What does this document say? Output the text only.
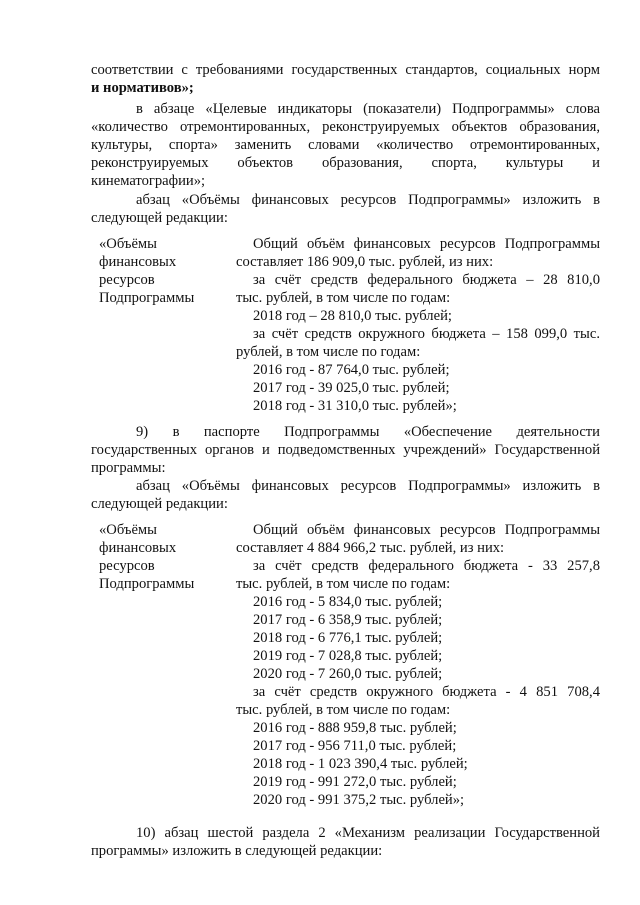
соответствии с требованиями государственных стандартов, социальных норм
и нормативов»;
в абзаце «Целевые индикаторы (показатели) Подпрограммы» слова
«количество отремонтированных, реконструируемых объектов образования,
культуры, спорта» заменить словами «количество отремонтированных,
реконструируемых объектов образования, спорта, культуры и
кинематографии»;
абзац «Объёмы финансовых ресурсов Подпрограммы» изложить в
следующей редакции:
«Объёмы
финансовых
ресурсов
Подпрограммы
Общий объём финансовых ресурсов Подпрограммы
составляет 186 909,0 тыс. рублей, из них:
за счёт средств федерального бюджета – 28 810,0
тыс. рублей, в том числе по годам:
2018 год – 28 810,0 тыс. рублей;
за счёт средств окружного бюджета – 158 099,0 тыс.
рублей, в том числе по годам:
2016 год - 87 764,0 тыс. рублей;
2017 год - 39 025,0 тыс. рублей;
2018 год - 31 310,0 тыс. рублей»;
9) в паспорте Подпрограммы «Обеспечение деятельности
государственных органов и подведомственных учреждений» Государственной
программы:
абзац «Объёмы финансовых ресурсов Подпрограммы» изложить в
следующей редакции:
«Объёмы
финансовых
ресурсов
Подпрограммы
Общий объём финансовых ресурсов Подпрограммы
составляет 4 884 966,2 тыс. рублей, из них:
за счёт средств федерального бюджета - 33 257,8
тыс. рублей, в том числе по годам:
2016 год - 5 834,0 тыс. рублей;
2017 год - 6 358,9 тыс. рублей;
2018 год - 6 776,1 тыс. рублей;
2019 год - 7 028,8 тыс. рублей;
2020 год - 7 260,0 тыс. рублей;
за счёт средств окружного бюджета - 4 851 708,4
тыс. рублей, в том числе по годам:
2016 год - 888 959,8 тыс. рублей;
2017 год - 956 711,0 тыс. рублей;
2018 год - 1 023 390,4 тыс. рублей;
2019 год - 991 272,0 тыс. рублей;
2020 год - 991 375,2 тыс. рублей»;
10) абзац шестой раздела 2 «Механизм реализации Государственной
программы» изложить в следующей редакции:
